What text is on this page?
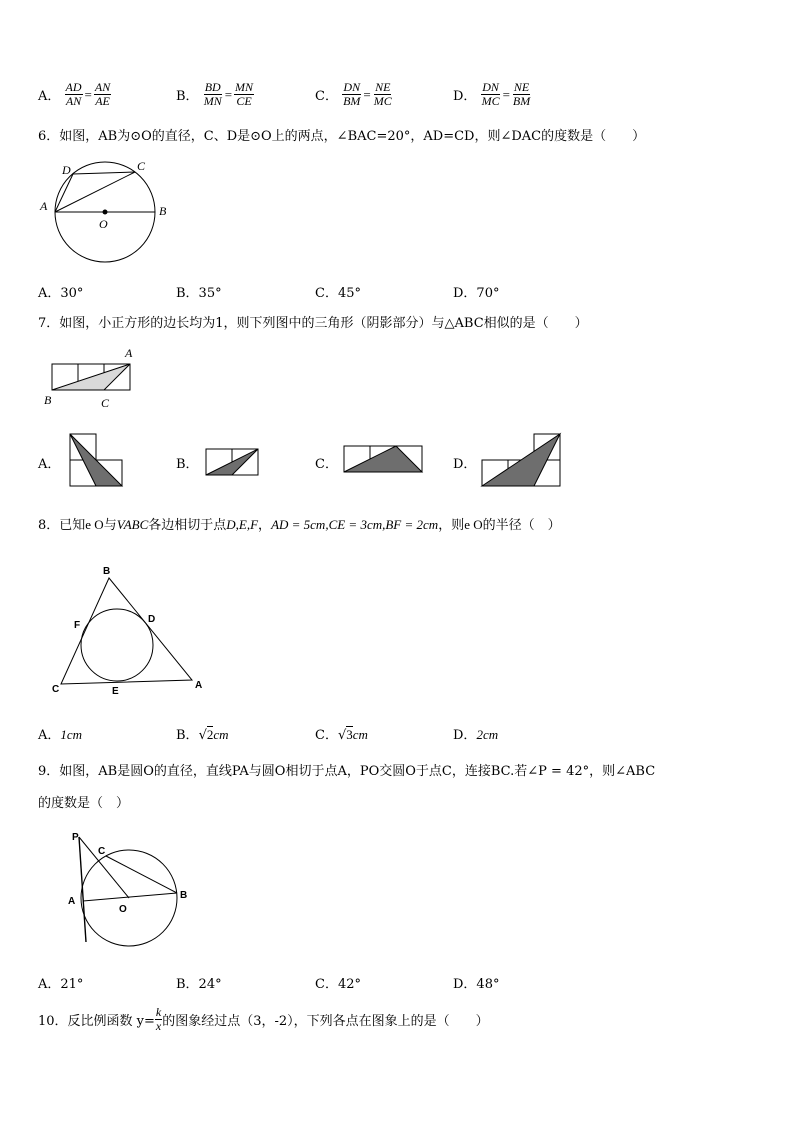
A． $\frac{AD}{AN} = \frac{AN}{AE}$	B． $\frac{BD}{MN} = \frac{MN}{CE}$	C． $\frac{DN}{BM} = \frac{NE}{MC}$	D． $\frac{DN}{MC} = \frac{NE}{BM}$
6．如图，AB为⊙O的直径，C、D是⊙O上的两点，∠BAC=20°，AD=CD，则∠DAC的度数是（　　）
A	B
C
D
O
A．30°	B．35°	C．45°	D．70°
7．如图，小正方形的边长均为1，则下列图中的三角形（阴影部分）与△ABC相似的是（　　）
A
B	C
A．	B．	C．	D．
8．已知e O与VABC各边相切于点D,E,F，AD = 5cm,CE = 3cm,BF = 2cm，则e O的半径（　）
B
F
D
C	E
A
A．1cm	B．√2cm	C．√3cm	D．2cm
9．如图，AB是圆O的直径，直线PA与圆O相切于点A，PO交圆O于点C，连接BC.若∠P = 42°，则∠ABC
的度数是（　）
P
C
A
O
B
A．21°	B．24°	C．42°	D．48°
10．反比例函数 $y= \frac{k}{x}$ 的图象经过点（3，-2），下列各点在图象上的是（　　）
